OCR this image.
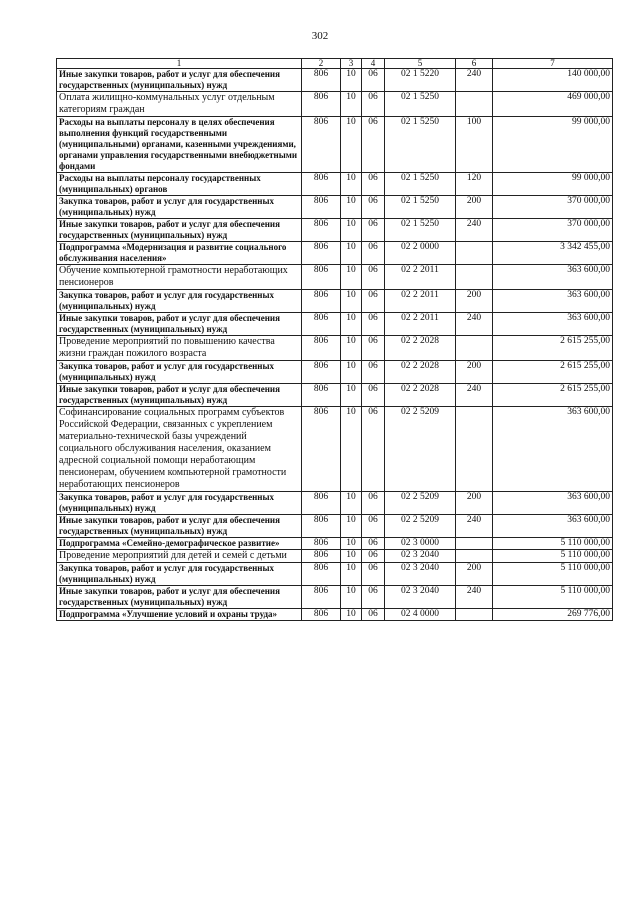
302
1	2	3	4	5	6	7
Иные закупки товаров, работ и услуг для обеспечения государственных (муниципальных) нужд	806	10	06	02 1 5220	240	140 000,00
Оплата жилищно-коммунальных услуг отдельным категориям граждан	806	10	06	02 1 5250		469 000,00
Расходы на выплаты персоналу в целях обеспечения выполнения функций государственными (муниципальными) органами, казенными учреждениями, органами управления государственными внебюджетными фондами	806	10	06	02 1 5250	100	99 000,00
Расходы на выплаты персоналу государственных (муниципальных) органов	806	10	06	02 1 5250	120	99 000,00
Закупка товаров, работ и услуг для государственных (муниципальных) нужд	806	10	06	02 1 5250	200	370 000,00
Иные закупки товаров, работ и услуг для обеспечения государственных (муниципальных) нужд	806	10	06	02 1 5250	240	370 000,00
Подпрограмма «Модернизация и развитие социального обслуживания населения»	806	10	06	02 2 0000		3 342 455,00
Обучение компьютерной грамотности неработающих пенсионеров	806	10	06	02 2 2011		363 600,00
Закупка товаров, работ и услуг для государственных (муниципальных) нужд	806	10	06	02 2 2011	200	363 600,00
Иные закупки товаров, работ и услуг для обеспечения государственных (муниципальных) нужд	806	10	06	02 2 2011	240	363 600,00
Проведение мероприятий по повышению качества жизни граждан пожилого возраста	806	10	06	02 2 2028		2 615 255,00
Закупка товаров, работ и услуг для государственных (муниципальных) нужд	806	10	06	02 2 2028	200	2 615 255,00
Иные закупки товаров, работ и услуг для обеспечения государственных (муниципальных) нужд	806	10	06	02 2 2028	240	2 615 255,00
Софинансирование социальных программ субъектов Российской Федерации, связанных с укреплением материально-технической базы учреждений социального обслуживания населения, оказанием адресной социальной помощи неработающим пенсионерам, обучением компьютерной грамотности неработающих пенсионеров	806	10	06	02 2 5209		363 600,00
Закупка товаров, работ и услуг для государственных (муниципальных) нужд	806	10	06	02 2 5209	200	363 600,00
Иные закупки товаров, работ и услуг для обеспечения государственных (муниципальных) нужд	806	10	06	02 2 5209	240	363 600,00
Подпрограмма «Семейно-демографическое развитие»	806	10	06	02 3 0000		5 110 000,00
Проведение мероприятий для детей и семей с детьми	806	10	06	02 3 2040		5 110 000,00
Закупка товаров, работ и услуг для государственных (муниципальных) нужд	806	10	06	02 3 2040	200	5 110 000,00
Иные закупки товаров, работ и услуг для обеспечения государственных (муниципальных) нужд	806	10	06	02 3 2040	240	5 110 000,00
Подпрограмма «Улучшение условий и охраны труда»	806	10	06	02 4 0000		269 776,00
